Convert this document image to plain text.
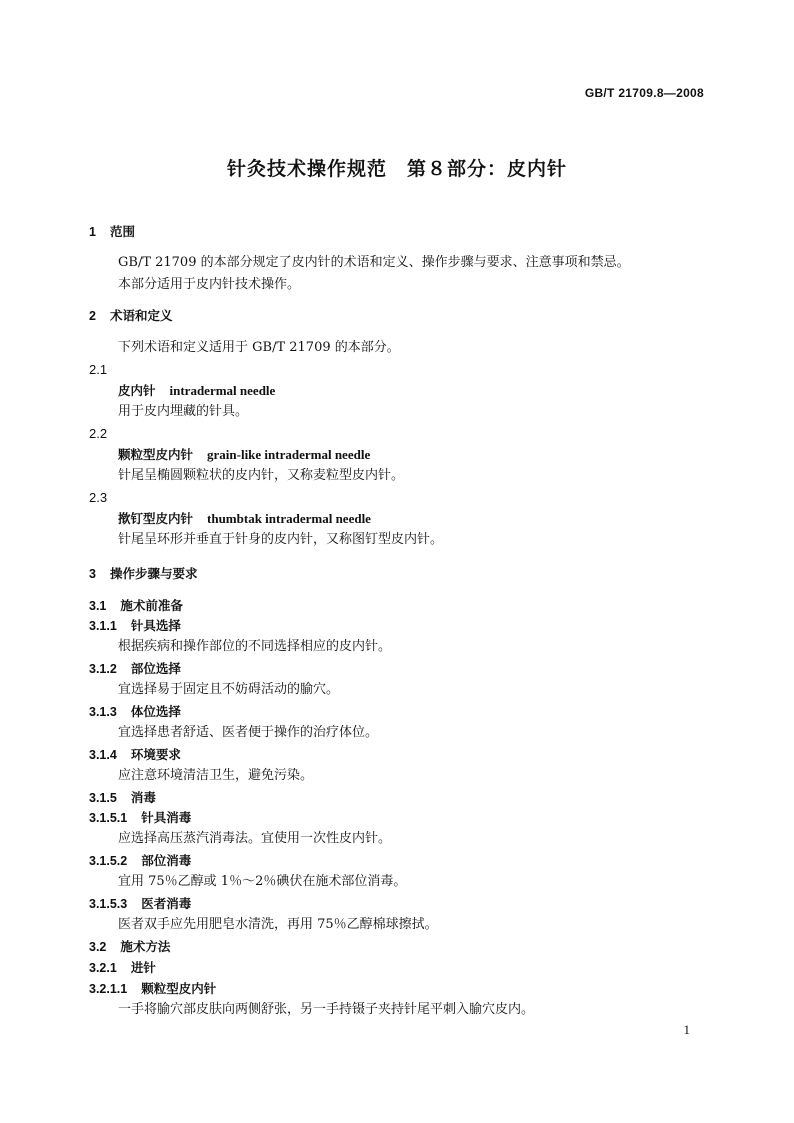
GB/T 21709.8—2008
针灸技术操作规范　第８部分：皮内针
1 范围
GB/T 21709 的本部分规定了皮内针的术语和定义、操作步骤与要求、注意事项和禁忌。
本部分适用于皮内针技术操作。
2 术语和定义
下列术语和定义适用于 GB/T 21709 的本部分。
2.1
皮内针 intradermal needle
用于皮内埋藏的针具。
2.2
颗粒型皮内针 grain-like intradermal needle
针尾呈椭圆颗粒状的皮内针，又称麦粒型皮内针。
2.3
揿钉型皮内针 thumbtak intradermal needle
针尾呈环形并垂直于针身的皮内针，又称图钉型皮内针。
3 操作步骤与要求
3.1 施术前准备
3.1.1 针具选择
根据疾病和操作部位的不同选择相应的皮内针。
3.1.2 部位选择
宜选择易于固定且不妨碍活动的腧穴。
3.1.3 体位选择
宜选择患者舒适、医者便于操作的治疗体位。
3.1.4 环境要求
应注意环境清洁卫生，避免污染。
3.1.5 消毒
3.1.5.1 针具消毒
应选择高压蒸汽消毒法。宜使用一次性皮内针。
3.1.5.2 部位消毒
宜用 75％乙醇或 1％～2％碘伏在施术部位消毒。
3.1.5.3 医者消毒
医者双手应先用肥皂水清洗，再用 75％乙醇棉球擦拭。
3.2 施术方法
3.2.1 进针
3.2.1.1 颗粒型皮内针
一手将腧穴部皮肤向两侧舒张，另一手持镊子夹持针尾平刺入腧穴皮内。
1
